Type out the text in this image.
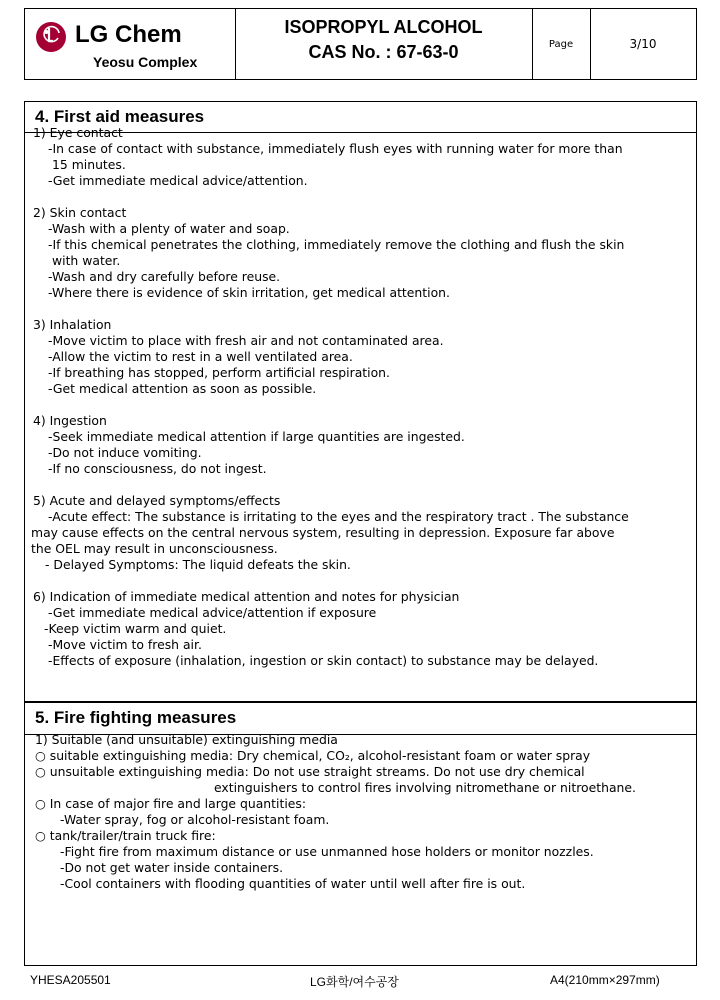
LG Chem
Yeosu Complex
ISOPROPYL ALCOHOL
CAS No. : 67-63-0	Page	3/10
4. First aid measures
1) Eye contact
-In case of contact with substance, immediately flush eyes with running water for more than
15 minutes.
-Get immediate medical advice/attention.
2) Skin contact
-Wash with a plenty of water and soap.
-If this chemical penetrates the clothing, immediately remove the clothing and flush the skin
with water.
-Wash and dry carefully before reuse.
-Where there is evidence of skin irritation, get medical attention.
3) Inhalation
-Move victim to place with fresh air and not contaminated area.
-Allow the victim to rest in a well ventilated area.
-If breathing has stopped, perform artificial respiration.
-Get medical attention as soon as possible.
4) Ingestion
-Seek immediate medical attention if large quantities are ingested.
-Do not induce vomiting.
-If no consciousness, do not ingest.
5) Acute and delayed symptoms/effects
-Acute effect: The substance is irritating to the eyes and the respiratory tract . The substance
may cause effects on the central nervous system, resulting in depression. Exposure far above
the OEL may result in unconsciousness.
- Delayed Symptoms: The liquid defeats the skin.
6) Indication of immediate medical attention and notes for physician
-Get immediate medical advice/attention if exposure
-Keep victim warm and quiet.
-Move victim to fresh air.
-Effects of exposure (inhalation, ingestion or skin contact) to substance may be delayed.
5. Fire fighting measures
1) Suitable (and unsuitable) extinguishing media
○ suitable extinguishing media: Dry chemical, CO₂, alcohol-resistant foam or water spray
○ unsuitable extinguishing media: Do not use straight streams. Do not use dry chemical
extinguishers to control fires involving nitromethane or nitroethane.
○ In case of major fire and large quantities:
-Water spray, fog or alcohol-resistant foam.
○ tank/trailer/train truck fire:
-Fight fire from maximum distance or use unmanned hose holders or monitor nozzles.
-Do not get water inside containers.
-Cool containers with flooding quantities of water until well after fire is out.
YHESA205501	LG화학/여수공장	A4(210mm×297mm)
